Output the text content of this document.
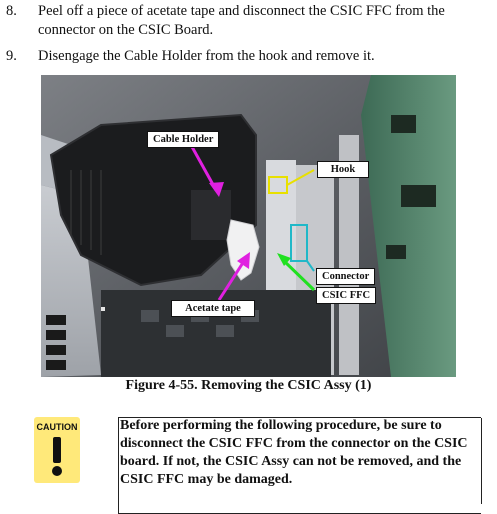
8.	Peel off a piece of acetate tape and disconnect the CSIC FFC from the connector on the CSIC Board.
9.	Disengage the Cable Holder from the hook and remove it.
Cable Holder
Hook
Connector
CSIC FFC
Acetate tape
Figure 4-55. Removing the CSIC Assy (1)
CAUTION	Before performing the following procedure, be sure to disconnect the CSIC FFC from the connector on the CSIC board. If not, the CSIC Assy can not be removed, and the CSIC FFC may be damaged.
